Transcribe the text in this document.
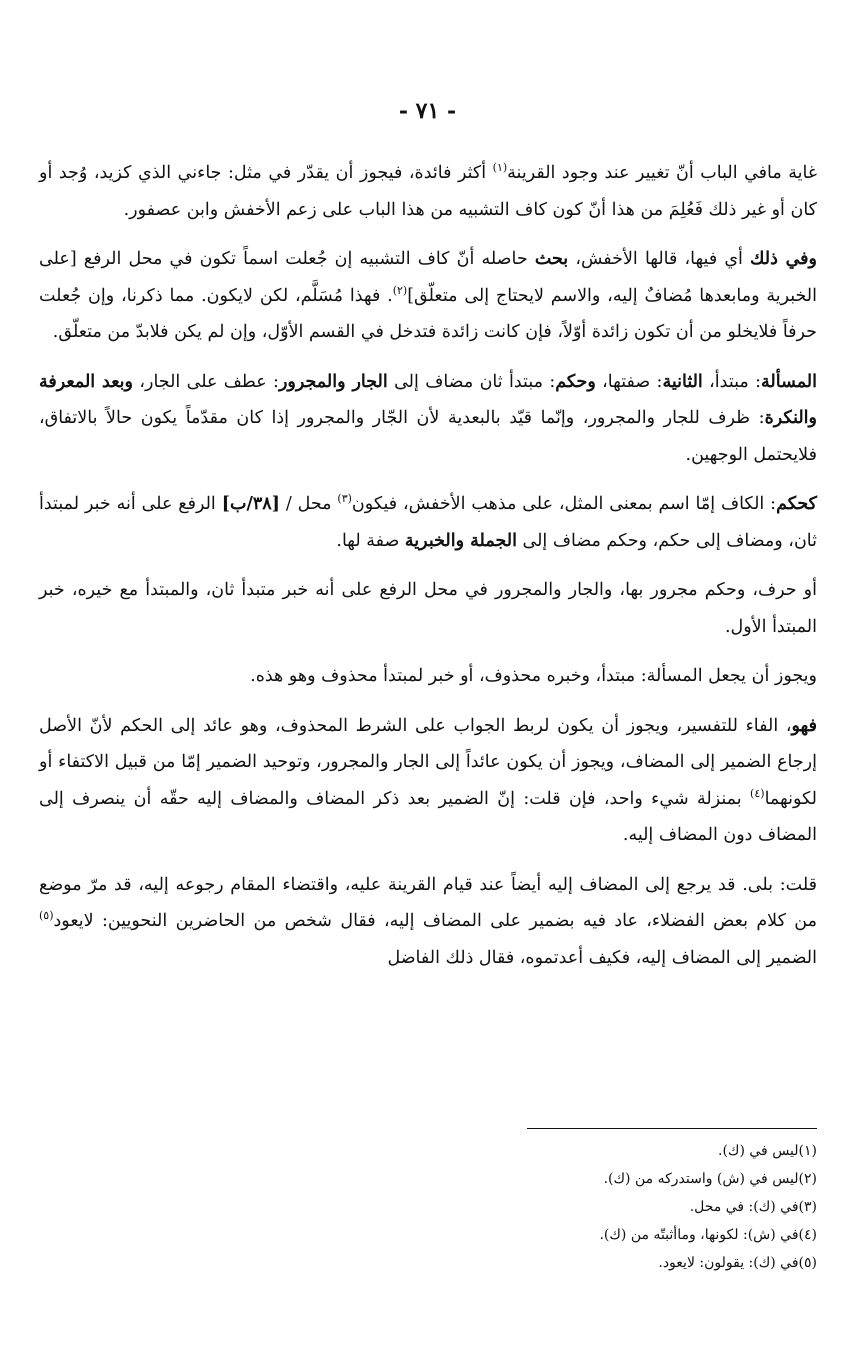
- ٧١ -

غاية مافي الباب أنّ تغيير عند وجود القرينة$^{(١)}$ أكثر فائدة، فيجوز أن يقدّر في مثل: جاءني الذي كزيد، وُجد أو كان أو غير ذلك فَعُلِمَ من هذا أنّ كون كاف التشبيه من هذا الباب على زعم الأخفش وابن عصفور.

وفي ذلك أي فيها، قالها الأخفش، بحث حاصله أنّ كاف التشبيه إن جُعلت اسماً تكون في محل الرفع [على الخبرية ومابعدها مُضافٌ إليه، والاسم لايحتاج إلى متعلّق]$^{(٢)}$. فهذا مُسَلَّم، لكن لايكون. مما ذكرنا، وإن جُعلت حرفاً فلايخلو من أن تكون زائدة أوّلاً، فإن كانت زائدة فتدخل في القسم الأوّل، وإن لم يكن فلابدّ من متعلّق.

المسألة: مبتدأ، الثانية: صفتها، وحكم: مبتدأ ثان مضاف إلى الجار والمجرور: عطف على الجار، وبعد المعرفة والنكرة: ظرف للجار والمجرور، وإنّما قيّد بالبعدية لأن الجّار والمجرور إذا كان مقدّماً يكون حالاً بالاتفاق، فلايحتمل الوجهين.

كحكم: الكاف إمّا اسم بمعنى المثل، على مذهب الأخفش، فيكون$^{(٣)}$ محل / [٣٨/ب] الرفع على أنه خبر لمبتدأ ثان، ومضاف إلى حكم، وحكم مضاف إلى الجملة والخبرية صفة لها.

أو حرف، وحكم مجرور بها، والجار والمجرور في محل الرفع على أنه خبر متبدأ ثان، والمبتدأ مع خيره، خبر المبتدأ الأول.

ويجوز أن يجعل المسألة: مبتدأ، وخبره محذوف، أو خبر لمبتدأ محذوف وهو هذه.

فهو، الفاء للتفسير، ويجوز أن يكون لربط الجواب على الشرط المحذوف، وهو عائد إلى الحكم لأنّ الأصل إرجاع الضمير إلى المضاف، ويجوز أن يكون عائداً إلى الجار والمجرور، وتوحيد الضمير إمّا من قبيل الاكتفاء أو لكونهما$^{(٤)}$ بمنزلة شيء واحد، فإن قلت: إنّ الضمير بعد ذكر المضاف والمضاف إليه حقّه أن ينصرف إلى المضاف دون المضاف إليه.

قلت: بلى. قد يرجع إلى المضاف إليه أيضاً عند قيام القرينة عليه، واقتضاء المقام رجوعه إليه، قد مرّ موضع من كلام بعض الفضلاء، عاد فيه بضمير على المضاف إليه، فقال شخص من الحاضرين النحويين: لايعود$^{(٥)}$ الضمير إلى المضاف إليه، فكيف أعدتموه، فقال ذلك الفاضل

(١)ليس في (ك).
(٢)ليس في (ش) واستدركه من (ك).
(٣)في (ك): في محل.
(٤)في (ش): لكونها، وماأثبتّه من (ك).
(٥)في (ك): يقولون: لايعود.
